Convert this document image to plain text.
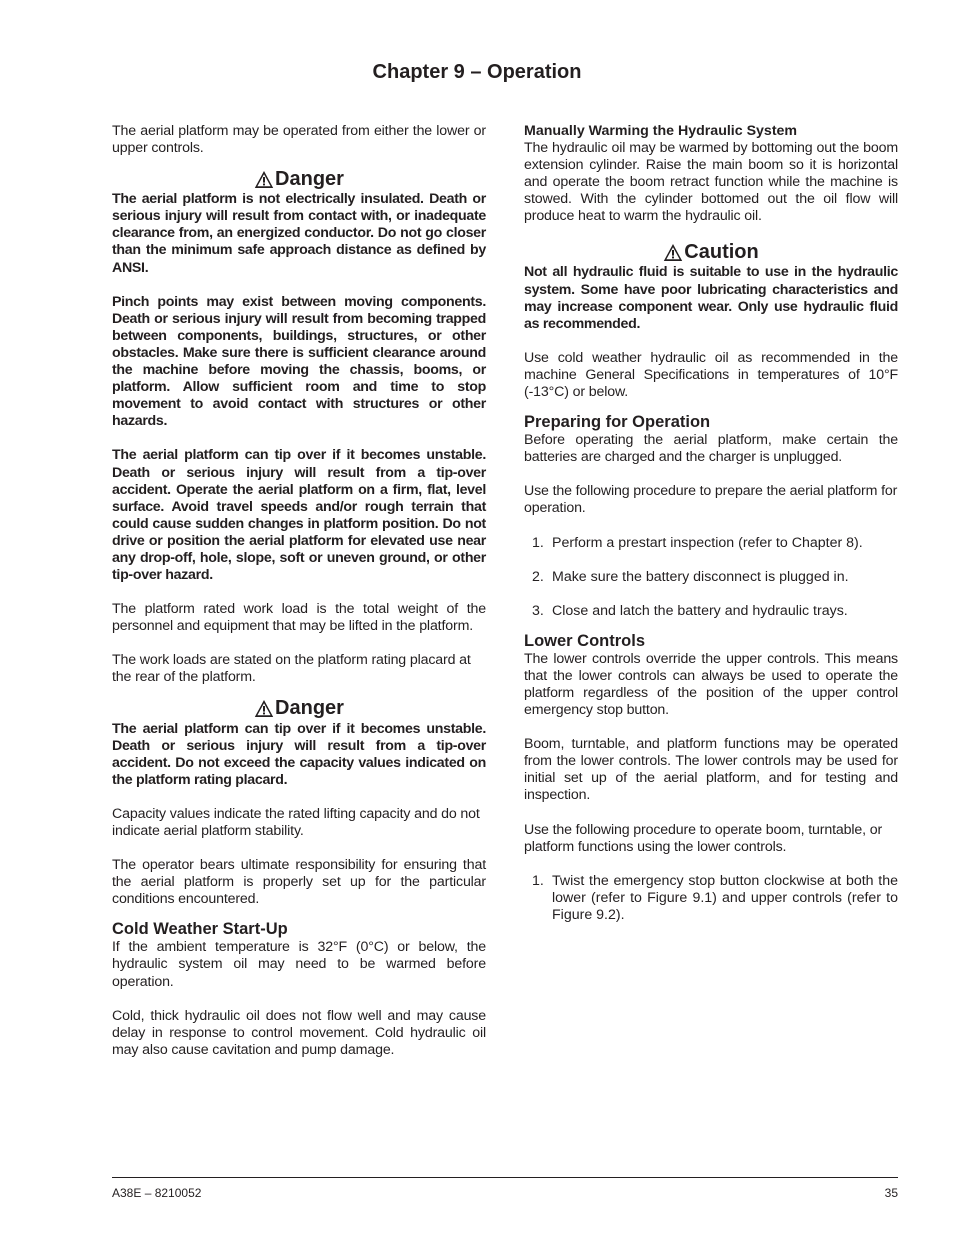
Chapter 9 – Operation

The aerial platform may be operated from either the lower or upper controls.

Danger

The aerial platform is not electrically insulated. Death or serious injury will result from contact with, or inadequate clearance from, an energized conductor. Do not go closer than the minimum safe approach distance as defined by ANSI.

Pinch points may exist between moving components. Death or serious injury will result from becoming trapped between components, buildings, structures, or other obstacles. Make sure there is sufficient clearance around the machine before moving the chassis, booms, or platform. Allow sufficient room and time to stop movement to avoid contact with structures or other hazards.

The aerial platform can tip over if it becomes unstable. Death or serious injury will result from a tip-over accident. Operate the aerial platform on a firm, flat, level surface. Avoid travel speeds and/or rough terrain that could cause sudden changes in platform position. Do not drive or position the aerial platform for elevated use near any drop-off, hole, slope, soft or uneven ground, or other tip-over hazard.

The platform rated work load is the total weight of the personnel and equipment that may be lifted in the platform.

The work loads are stated on the platform rating placard at the rear of the platform.

Danger

The aerial platform can tip over if it becomes unstable. Death or serious injury will result from a tip-over accident. Do not exceed the capacity values indicated on the platform rating placard.

Capacity values indicate the rated lifting capacity and do not indicate aerial platform stability.

The operator bears ultimate responsibility for ensuring that the aerial platform is properly set up for the particular conditions encountered.

Cold Weather Start-Up

If the ambient temperature is 32°F (0°C) or below, the hydraulic system oil may need to be warmed before operation.

Cold, thick hydraulic oil does not flow well and may cause delay in response to control movement. Cold hydraulic oil may also cause cavitation and pump damage.

Manually Warming the Hydraulic System

The hydraulic oil may be warmed by bottoming out the boom extension cylinder. Raise the main boom so it is horizontal and operate the boom retract function while the machine is stowed. With the cylinder bottomed out the oil flow will produce heat to warm the hydraulic oil.

Caution

Not all hydraulic fluid is suitable to use in the hydraulic system. Some have poor lubricating characteristics and may increase component wear. Only use hydraulic fluid as recommended.

Use cold weather hydraulic oil as recommended in the machine General Specifications in temperatures of 10°F (-13°C) or below.

Preparing for Operation

Before operating the aerial platform, make certain the batteries are charged and the charger is unplugged.

Use the following procedure to prepare the aerial platform for operation.

1. Perform a prestart inspection (refer to Chapter 8).
2. Make sure the battery disconnect is plugged in.
3. Close and latch the battery and hydraulic trays.
Lower Controls

The lower controls override the upper controls. This means that the lower controls can always be used to operate the platform regardless of the position of the upper control emergency stop button.

Boom, turntable, and platform functions may be operated from the lower controls. The lower controls may be used for initial set up of the aerial platform, and for testing and inspection.

Use the following procedure to operate boom, turntable, or platform functions using the lower controls.

1. Twist the emergency stop button clockwise at both the lower (refer to Figure 9.1) and upper controls (refer to Figure 9.2).
A38E – 8210052	35
